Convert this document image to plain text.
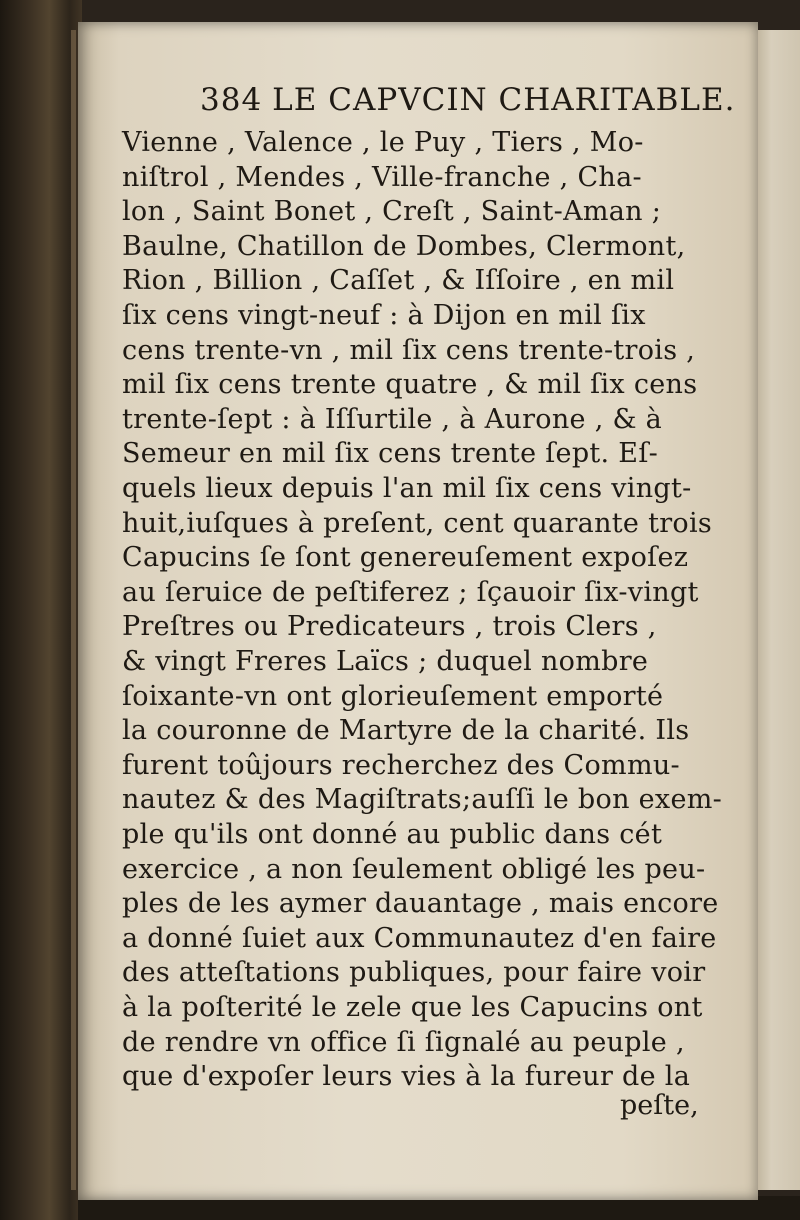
384 LE CAPVCIN CHARITABLE.
Vienne , Valence , le Puy , Tiers , Mo-
niſtrol , Mendes , Ville-franche , Cha-
lon , Saint Bonet , Creſt , Saint-Aman ;
Baulne, Chatillon de Dombes, Clermont,
Rion , Billion , Caſſet , & Iſſoire , en mil
ſix cens vingt-neuf : à Dijon en mil ſix
cens trente-vn , mil ſix cens trente-trois ,
mil ſix cens trente quatre , & mil ſix cens
trente-ſept : à Iſſurtile , à Aurone , & à
Semeur en mil ſix cens trente ſept. Eſ-
quels lieux depuis l'an mil ſix cens vingt-
huit,iuſques à preſent, cent quarante trois
Capucins ſe ſont genereuſement expoſez
au ſeruice de peſtiferez ; ſçauoir ſix-vingt
Preſtres ou Predicateurs , trois Clers ,
& vingt Freres Laïcs ; duquel nombre
ſoixante-vn ont glorieuſement emporté
la couronne de Martyre de la charité. Ils
furent toûjours recherchez des Commu-
nautez & des Magiſtrats;auſſi le bon exem-
ple qu'ils ont donné au public dans cét
exercice , a non ſeulement obligé les peu-
ples de les aymer dauantage , mais encore
a donné ſuiet aux Communautez d'en faire
des atteſtations publiques, pour faire voir
à la poſterité le zele que les Capucins ont
de rendre vn office ſi ſignalé au peuple ,
que d'expoſer leurs vies à la fureur de la
peſte,
